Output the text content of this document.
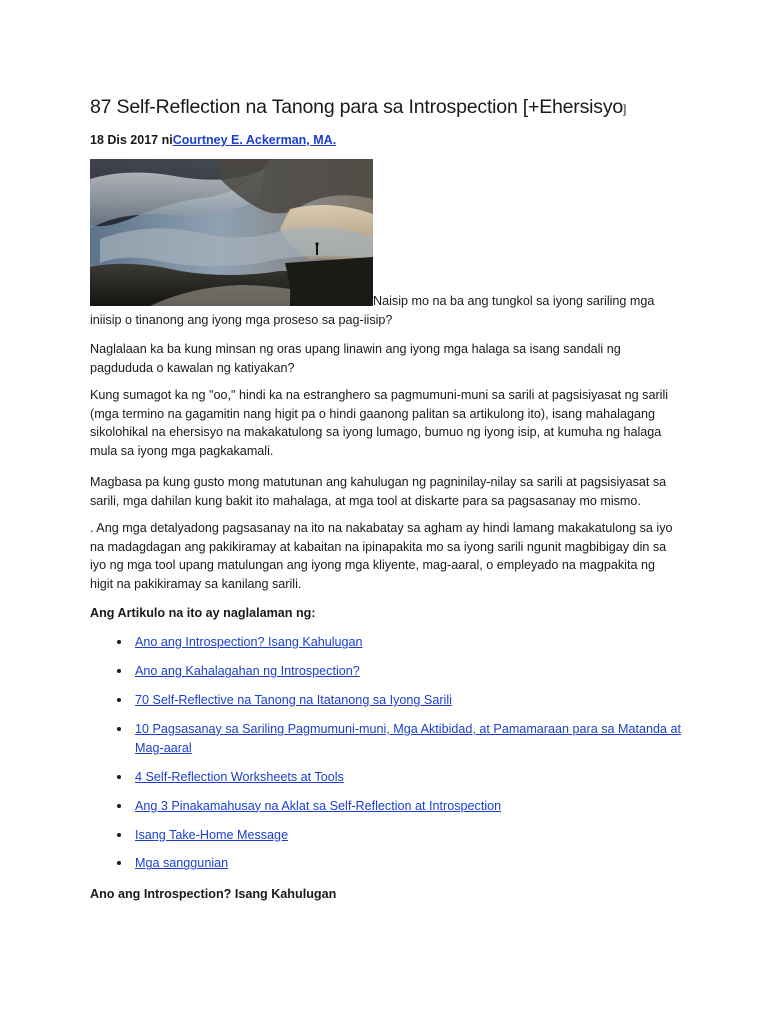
87 Self-Reflection na Tanong para sa Introspection [+Ehersisyo]

18 Dis 2017 niCourtney E. Ackerman, MA.

Naisip mo na ba ang tungkol sa iyong sariling mga iniisip o tinanong ang iyong mga proseso sa pag-iisip?

Naglalaan ka ba kung minsan ng oras upang linawin ang iyong mga halaga sa isang sandali ng pagdududa o kawalan ng katiyakan?

Kung sumagot ka ng "oo," hindi ka na estranghero sa pagmumuni-muni sa sarili at pagsisiyasat ng sarili (mga termino na gagamitin nang higit pa o hindi gaanong palitan sa artikulong ito), isang mahalagang sikolohikal na ehersisyo na makakatulong sa iyong lumago, bumuo ng iyong isip, at kumuha ng halaga mula sa iyong mga pagkakamali.

Magbasa pa kung gusto mong matutunan ang kahulugan ng pagninilay-nilay sa sarili at pagsisiyasat sa sarili, mga dahilan kung bakit ito mahalaga, at mga tool at diskarte para sa pagsasanay mo mismo.

. Ang mga detalyadong pagsasanay na ito na nakabatay sa agham ay hindi lamang makakatulong sa iyo na madagdagan ang pakikiramay at kabaitan na ipinapakita mo sa iyong sarili ngunit magbibigay din sa iyo ng mga tool upang matulungan ang iyong mga kliyente, mag-aaral, o empleyado na magpakita ng higit na pakikiramay sa kanilang sarili.

Ang Artikulo na ito ay naglalaman ng:

Ano ang Introspection? Isang Kahulugan
Ano ang Kahalagahan ng Introspection?
70 Self-Reflective na Tanong na Itatanong sa Iyong Sarili
10 Pagsasanay sa Sariling Pagmumuni-muni, Mga Aktibidad, at Pamamaraan para sa Matanda at Mag-aaral
4 Self-Reflection Worksheets at Tools
Ang 3 Pinakamahusay na Aklat sa Self-Reflection at Introspection
Isang Take-Home Message
Mga sanggunian

Ano ang Introspection? Isang Kahulugan
